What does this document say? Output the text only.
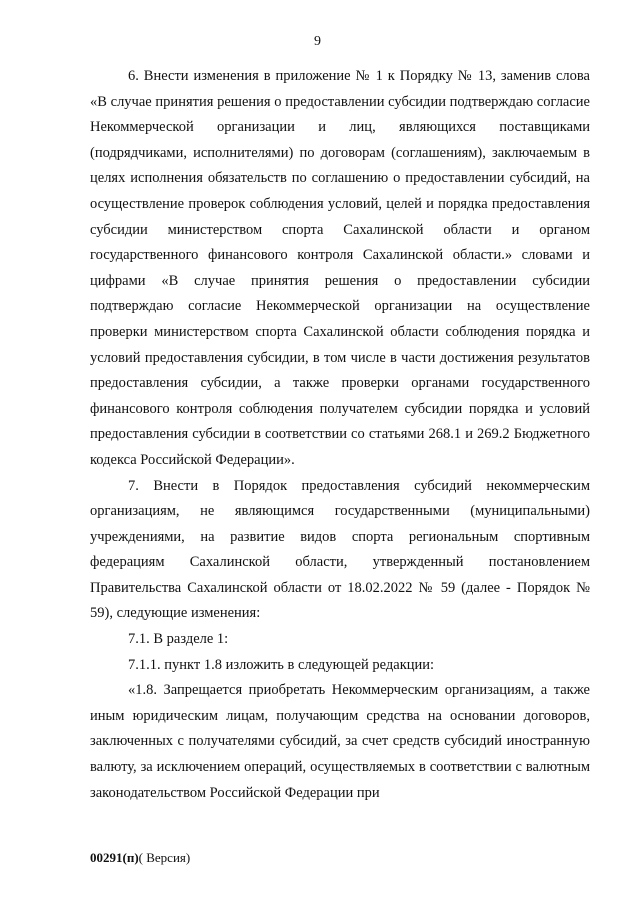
9

6. Внести изменения в приложение № 1 к Порядку № 13, заменив слова «В случае принятия решения о предоставлении субсидии подтверждаю согласие Некоммерческой организации и лиц, являющихся поставщиками (подрядчиками, исполнителями) по договорам (соглашениям), заключаемым в целях исполнения обязательств по соглашению о предоставлении субсидий, на осуществление проверок соблюдения условий, целей и порядка предоставления субсидии министерством спорта Сахалинской области и органом государственного финансового контроля Сахалинской области.» словами и цифрами «В случае принятия решения о предоставлении субсидии подтверждаю согласие Некоммерческой организации на осуществление проверки министерством спорта Сахалинской области соблюдения порядка и условий предоставления субсидии, в том числе в части достижения результатов предоставления субсидии, а также проверки органами государственного финансового контроля соблюдения получателем субсидии порядка и условий предоставления субсидии в соответствии со статьями 268.1 и 269.2 Бюджетного кодекса Российской Федерации».

7. Внести в Порядок предоставления субсидий некоммерческим организациям, не являющимся государственными (муниципальными) учреждениями, на развитие видов спорта региональным спортивным федерациям Сахалинской области, утвержденный постановлением Правительства Сахалинской области от 18.02.2022 № 59 (далее - Порядок № 59), следующие изменения:

7.1. В разделе 1:

7.1.1. пункт 1.8 изложить в следующей редакции:

«1.8. Запрещается приобретать Некоммерческим организациям, а также иным юридическим лицам, получающим средства на основании договоров, заключенных с получателями субсидий, за счет средств субсидий иностранную валюту, за исключением операций, осуществляемых в соответствии с валютным законодательством Российской Федерации при

00291(п)( Версия)
